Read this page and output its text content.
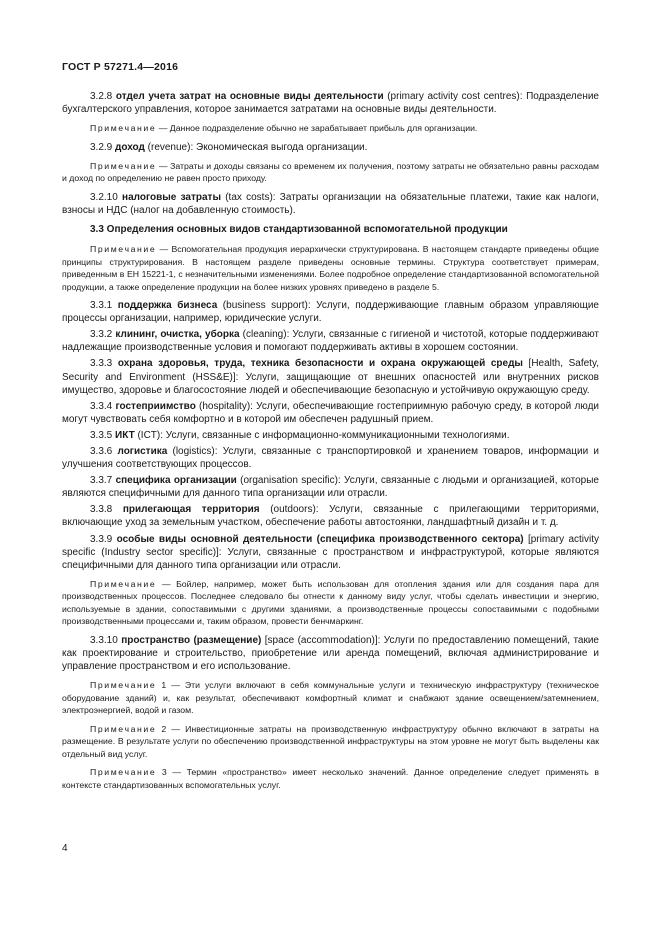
ГОСТ Р 57271.4—2016

3.2.8 отдел учета затрат на основные виды деятельности (primary activity cost centres): Подразделение бухгалтерского управления, которое занимается затратами на основные виды деятельности.

Примечание — Данное подразделение обычно не зарабатывает прибыль для организации.

3.2.9 доход (revenue): Экономическая выгода организации.

Примечание — Затраты и доходы связаны со временем их получения, поэтому затраты не обязательно равны расходам и доход по определению не равен просто приходу.

3.2.10 налоговые затраты (tax costs): Затраты организации на обязательные платежи, такие как налоги, взносы и НДС (налог на добавленную стоимость).

3.3 Определения основных видов стандартизованной вспомогательной продукции

Примечание — Вспомогательная продукция иерархически структурирована. В настоящем стандарте приведены общие принципы структурирования. В настоящем разделе приведены основные термины. Структура соответствует примерам, приведенным в ЕН 15221-1, с незначительными изменениями. Более подробное определение стандартизованной вспомогательной продукции, а также определение продукции на более низких уровнях приведено в разделе 5.

3.3.1 поддержка бизнеса (business support): Услуги, поддерживающие главным образом управляющие процессы организации, например, юридические услуги.

3.3.2 клининг, очистка, уборка (cleaning): Услуги, связанные с гигиеной и чистотой, которые поддерживают надлежащие производственные условия и помогают поддерживать активы в хорошем состоянии.

3.3.3 охрана здоровья, труда, техника безопасности и охрана окружающей среды [Health, Safety, Security and Environment (HSS&E)]: Услуги, защищающие от внешних опасностей или внутренних рисков имущество, здоровье и благосостояние людей и обеспечивающие безопасную и устойчивую окружающую среду.

3.3.4 гостеприимство (hospitality): Услуги, обеспечивающие гостеприимную рабочую среду, в которой люди могут чувствовать себя комфортно и в которой им обеспечен радушный прием.

3.3.5 ИКТ (ICT): Услуги, связанные с информационно-коммуникационными технологиями.

3.3.6 логистика (logistics): Услуги, связанные с транспортировкой и хранением товаров, информации и улучшения соответствующих процессов.

3.3.7 специфика организации (organisation specific): Услуги, связанные с людьми и организацией, которые являются специфичными для данного типа организации или отрасли.

3.3.8 прилегающая территория (outdoors): Услуги, связанные с прилегающими территориями, включающие уход за земельным участком, обеспечение работы автостоянки, ландшафтный дизайн и т. д.

3.3.9 особые виды основной деятельности (специфика производственного сектора) [primary activity specific (Industry sector specific)]: Услуги, связанные с пространством и инфраструктурой, которые являются специфичными для данного типа организации или отрасли.

Примечание — Бойлер, например, может быть использован для отопления здания или для создания пара для производственных процессов. Последнее следовало бы отнести к данному виду услуг, чтобы сделать инвестиции и энергию, используемые в здании, сопоставимыми с другими зданиями, а производственные процессы сопоставимыми с подобными производственными процессами и, таким образом, провести бенчмаркинг.

3.3.10 пространство (размещение) [space (accommodation)]: Услуги по предоставлению помещений, такие как проектирование и строительство, приобретение или аренда помещений, включая администрирование и управление пространством и его использование.

Примечание 1 — Эти услуги включают в себя коммунальные услуги и техническую инфраструктуру (техническое оборудование зданий) и, как результат, обеспечивают комфортный климат и снабжают здание освещением/затемнением, электроэнергией, водой и газом.

Примечание 2 — Инвестиционные затраты на производственную инфраструктуру обычно включают в затраты на размещение. В результате услуги по обеспечению производственной инфраструктуры на этом уровне не могут быть выделены как отдельный вид услуг.

Примечание 3 — Термин «пространство» имеет несколько значений. Данное определение следует применять в контексте стандартизованных вспомогательных услуг.

4
